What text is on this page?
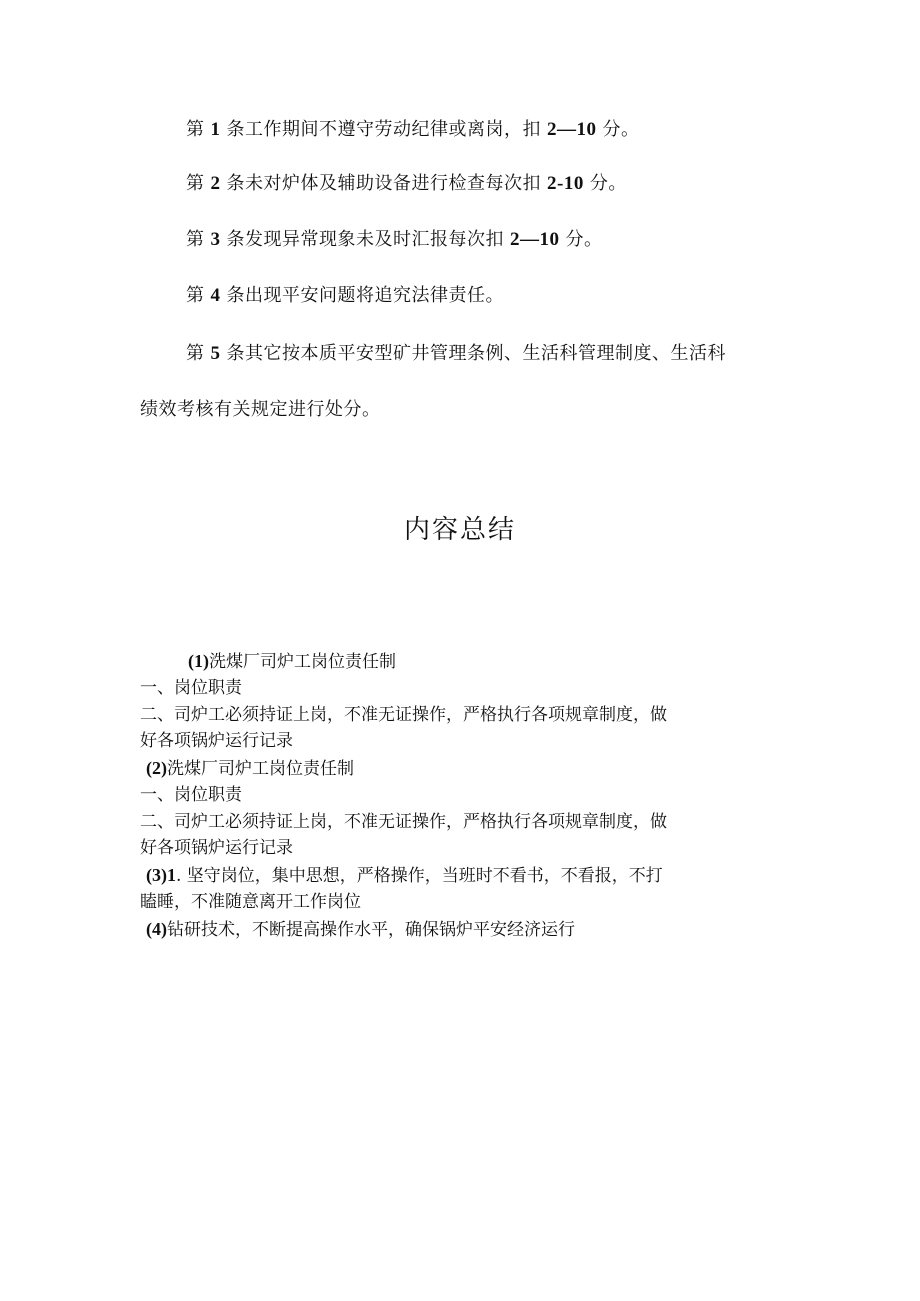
第 1 条工作期间不遵守劳动纪律或离岗，扣 2—10 分。
第 2 条未对炉体及辅助设备进行检查每次扣 2-10 分。
第 3 条发现异常现象未及时汇报每次扣 2—10 分。
第 4 条出现平安问题将追究法律责任。
第 5 条其它按本质平安型矿井管理条例、生活科管理制度、生活科
绩效考核有关规定进行处分。
内容总结
(1)洗煤厂司炉工岗位责任制
一、岗位职责
二、司炉工必须持证上岗，不准无证操作，严格执行各项规章制度，做
好各项锅炉运行记录
(2)洗煤厂司炉工岗位责任制
一、岗位职责
二、司炉工必须持证上岗，不准无证操作，严格执行各项规章制度，做
好各项锅炉运行记录
(3)1. 坚守岗位，集中思想，严格操作，当班时不看书，不看报，不打
瞌睡，不准随意离开工作岗位
(4)钻研技术，不断提高操作水平，确保锅炉平安经济运行
